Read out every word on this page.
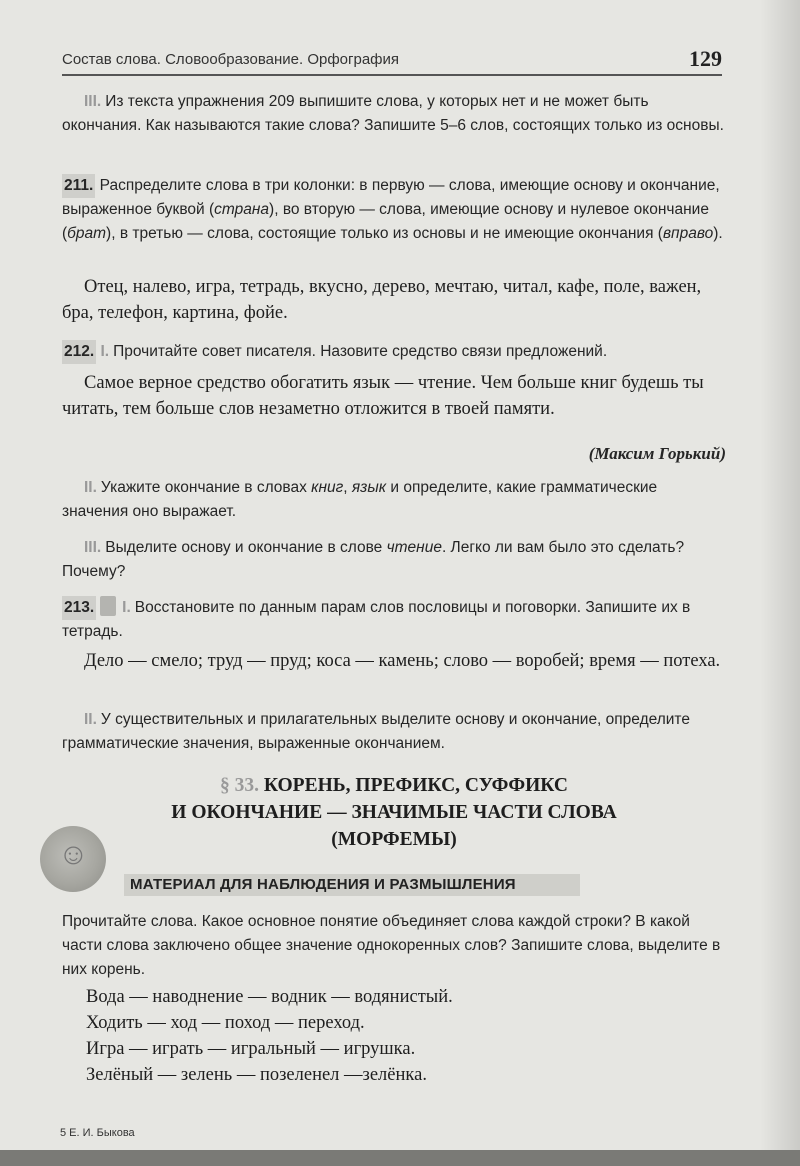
Состав слова. Словообразование. Орфография	129

III. Из текста упражнения 209 выпишите слова, у которых нет и не может быть окончания. Как называются такие слова? Запишите 5–6 слов, состоящих только из основы.

211. Распределите слова в три колонки: в первую — слова, имеющие основу и окончание, выраженное буквой (страна), во вторую — слова, имеющие основу и нулевое окончание (брат), в третью — слова, состоящие только из основы и не имеющие окончания (вправо).

Отец, налево, игра, тетрадь, вкусно, дерево, мечтаю, читал, кафе, поле, важен, бра, телефон, картина, фойе.

212. I. Прочитайте совет писателя. Назовите средство связи предложений.

Самое верное средство обогатить язык — чтение. Чем больше книг будешь ты читать, тем больше слов незаметно отложится в твоей памяти.

(Максим Горький)

II. Укажите окончание в словах книг, язык и определите, какие грамматические значения оно выражает.

III. Выделите основу и окончание в слове чтение. Легко ли вам было это сделать? Почему?

213. I. Восстановите по данным парам слов пословицы и поговорки. Запишите их в тетрадь.

Дело — смело; труд — пруд; коса — камень; слово — воробей; время — потеха.

II. У существительных и прилагательных выделите основу и окончание, определите грамматические значения, выраженные окончанием.

§ 33. КОРЕНЬ, ПРЕФИКС, СУФФИКС
И ОКОНЧАНИЕ — ЗНАЧИМЫЕ ЧАСТИ СЛОВА
(МОРФЕМЫ)
☺
МАТЕРИАЛ ДЛЯ НАБЛЮДЕНИЯ И РАЗМЫШЛЕНИЯ

Прочитайте слова. Какое основное понятие объединяет слова каждой строки? В какой части слова заключено общее значение однокоренных слов? Запишите слова, выделите в них корень.

Вода — наводнение — водник — водянистый.

Ходить — ход — поход — переход.

Игра — играть — игральный — игрушка.

Зелёный — зелень — позеленел —зелёнка.

5 Е. И. Быкова
